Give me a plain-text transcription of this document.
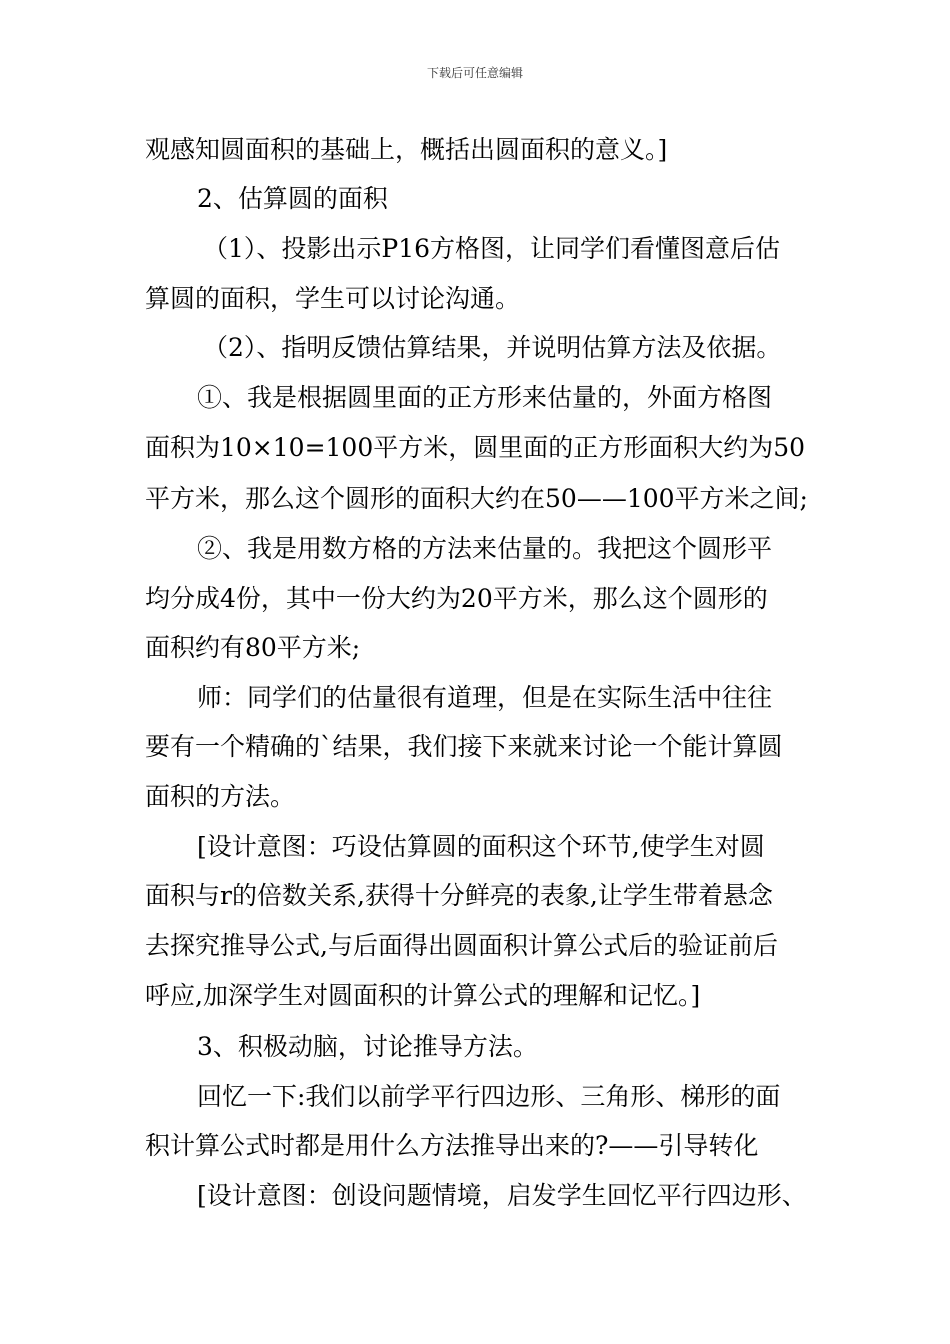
下载后可任意编辑
观感知圆面积的基础上，概括出圆面积的意义。]
2、估算圆的面积
（1）、投影出示P16方格图，让同学们看懂图意后估
算圆的面积，学生可以讨论沟通。
（2）、指明反馈估算结果，并说明估算方法及依据。
①、我是根据圆里面的正方形来估量的，外面方格图
面积为10×10=100平方米，圆里面的正方形面积大约为50
平方米，那么这个圆形的面积大约在50——100平方米之间;
②、我是用数方格的方法来估量的。我把这个圆形平
均分成4份，其中一份大约为20平方米，那么这个圆形的
面积约有80平方米;
师：同学们的估量很有道理，但是在实际生活中往往
要有一个精确的`结果，我们接下来就来讨论一个能计算圆
面积的方法。
[设计意图：巧设估算圆的面积这个环节,使学生对圆
面积与r的倍数关系,获得十分鲜亮的表象,让学生带着悬念
去探究推导公式,与后面得出圆面积计算公式后的验证前后
呼应,加深学生对圆面积的计算公式的理解和记忆。]
3、积极动脑，讨论推导方法。
回忆一下:我们以前学平行四边形、三角形、梯形的面
积计算公式时都是用什么方法推导出来的?——引导转化
[设计意图：创设问题情境，启发学生回忆平行四边形、
